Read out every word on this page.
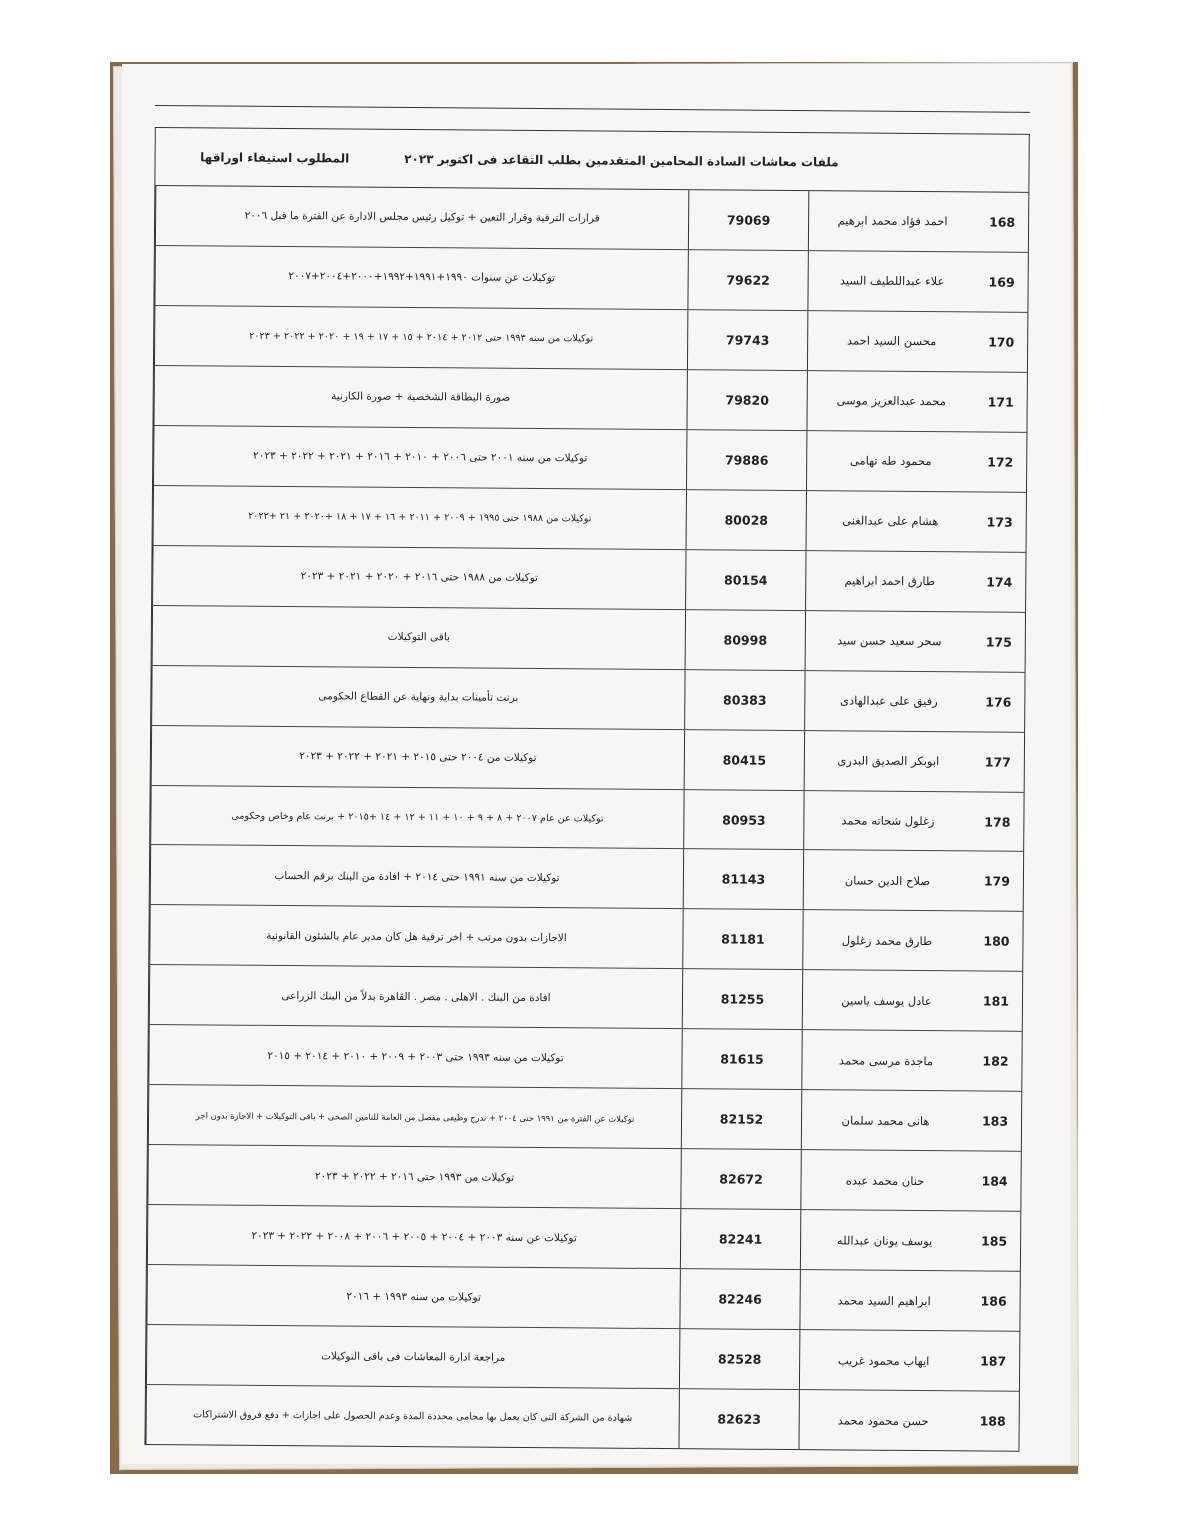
ملفات معاشات السادة المحامين المتقدمين بطلب التقاعد فى اكتوبر ٢٠٢٣
المطلوب استيفاء اوراقها
168
احمد فؤاد محمد ابرهيم
79069
قرارات الترقية وقرار التعين + توكيل رئيس مجلس الادارة عن الفترة ما قبل ٢٠٠٦
169
علاء عبداللطيف السيد
79622
توكيلات عن سنوات ١٩٩٠+١٩٩١+١٩٩٢+٢٠٠٠+٢٠٠٤+٢٠٠٧
170
محسن السيد احمد
79743
توكيلات من سنه ١٩٩٣ حتى ٢٠١٢ + ٢٠١٤ + ١٥ + ١٧ + ١٩ + ٢٠٢٠ + ٢٠٢٢ + ٢٠٢٣
171
محمد عبدالعزيز موسى
79820
صورة البطاقة الشخصية + صورة الكارنية
172
محمود طه تهامى
79886
توكيلات من سنه ٢٠٠١ حتى ٢٠٠٦ + ٢٠١٠ + ٢٠١٦ + ٢٠٢١ + ٢٠٢٢ + ٢٠٢٣
173
هشام على عبدالغنى
80028
توكيلات من ١٩٨٨ حتى ١٩٩٥ + ٢٠٠٩ + ٢٠١١ + ١٦ + ١٧ + ١٨ +٢٠٢٠ + ٢١ +٢٠٢٢
174
طارق احمد ابراهيم
80154
توكيلات من ١٩٨٨ حتى ٢٠١٦ + ٢٠٢٠ + ٢٠٢١ + ٢٠٢٣
175
سحر سعيد حسن سيد
80998
باقى التوكيلات
176
رفيق على عبدالهادى
80383
برنت تأمينات بداية ونهاية عن القطاع الحكومى
177
ابوبكر الصديق البدرى
80415
توكيلات من ٢٠٠٤ حتى ٢٠١٥ + ٢٠٢١ + ٢٠٢٢ + ٢٠٢٣
178
زغلول شحاته محمد
80953
توكيلات عن عام ٢٠٠٧ + ٨ + ٩ + ١٠ + ١١ + ١٢ + ١٤ +٢٠١٥ + برنت عام وخاص وحكومى
179
صلاح الدين حسان
81143
توكيلات من سنه ١٩٩١ حتى ٢٠١٤ + افادة من البنك برقم الحساب
180
طارق محمد زغلول
81181
الاجازات بدون مرتب + اخر ترقية هل كان مدير عام بالشئون القانونية
181
عادل يوسف ياسين
81255
افادة من البنك . الاهلى . مصر . القاهرة بدلاً من البنك الزراعى
182
ماجدة مرسى محمد
81615
توكيلات من سنه ١٩٩٣ حتى ٢٠٠٣ + ٢٠٠٩ + ٢٠١٠ + ٢٠١٤ + ٢٠١٥
183
هانى محمد سلمان
82152
توكيلات عن الفترة من ١٩٩١ حتى ٢٠٠٤ + تدرج وظيفى مفصل من العامة للتامين الصحى + باقى التوكيلات + الاجازة بدون اجر
184
حنان محمد عبده
82672
توكيلات من ١٩٩٣ حتى ٢٠١٦ + ٢٠٢٢ + ٢٠٢٣
185
يوسف يونان عبدالله
82241
توكيلات عن سنه ٢٠٠٣ + ٢٠٠٤ + ٢٠٠٥ + ٢٠٠٦ + ٢٠٠٨ + ٢٠٢٢ + ٢٠٢٣
186
ابراهيم السيد محمد
82246
توكيلات من سنه ١٩٩٣ + ٢٠١٦
187
ايهاب محمود غريب
82528
مراجعة ادارة المعاشات فى باقى التوكيلات
188
حسن محمود محمد
82623
شهادة من الشركة التى كان يعمل بها محامى محددة المدة وعدم الحصول على اجازات + دفع فروق الاشتراكات
